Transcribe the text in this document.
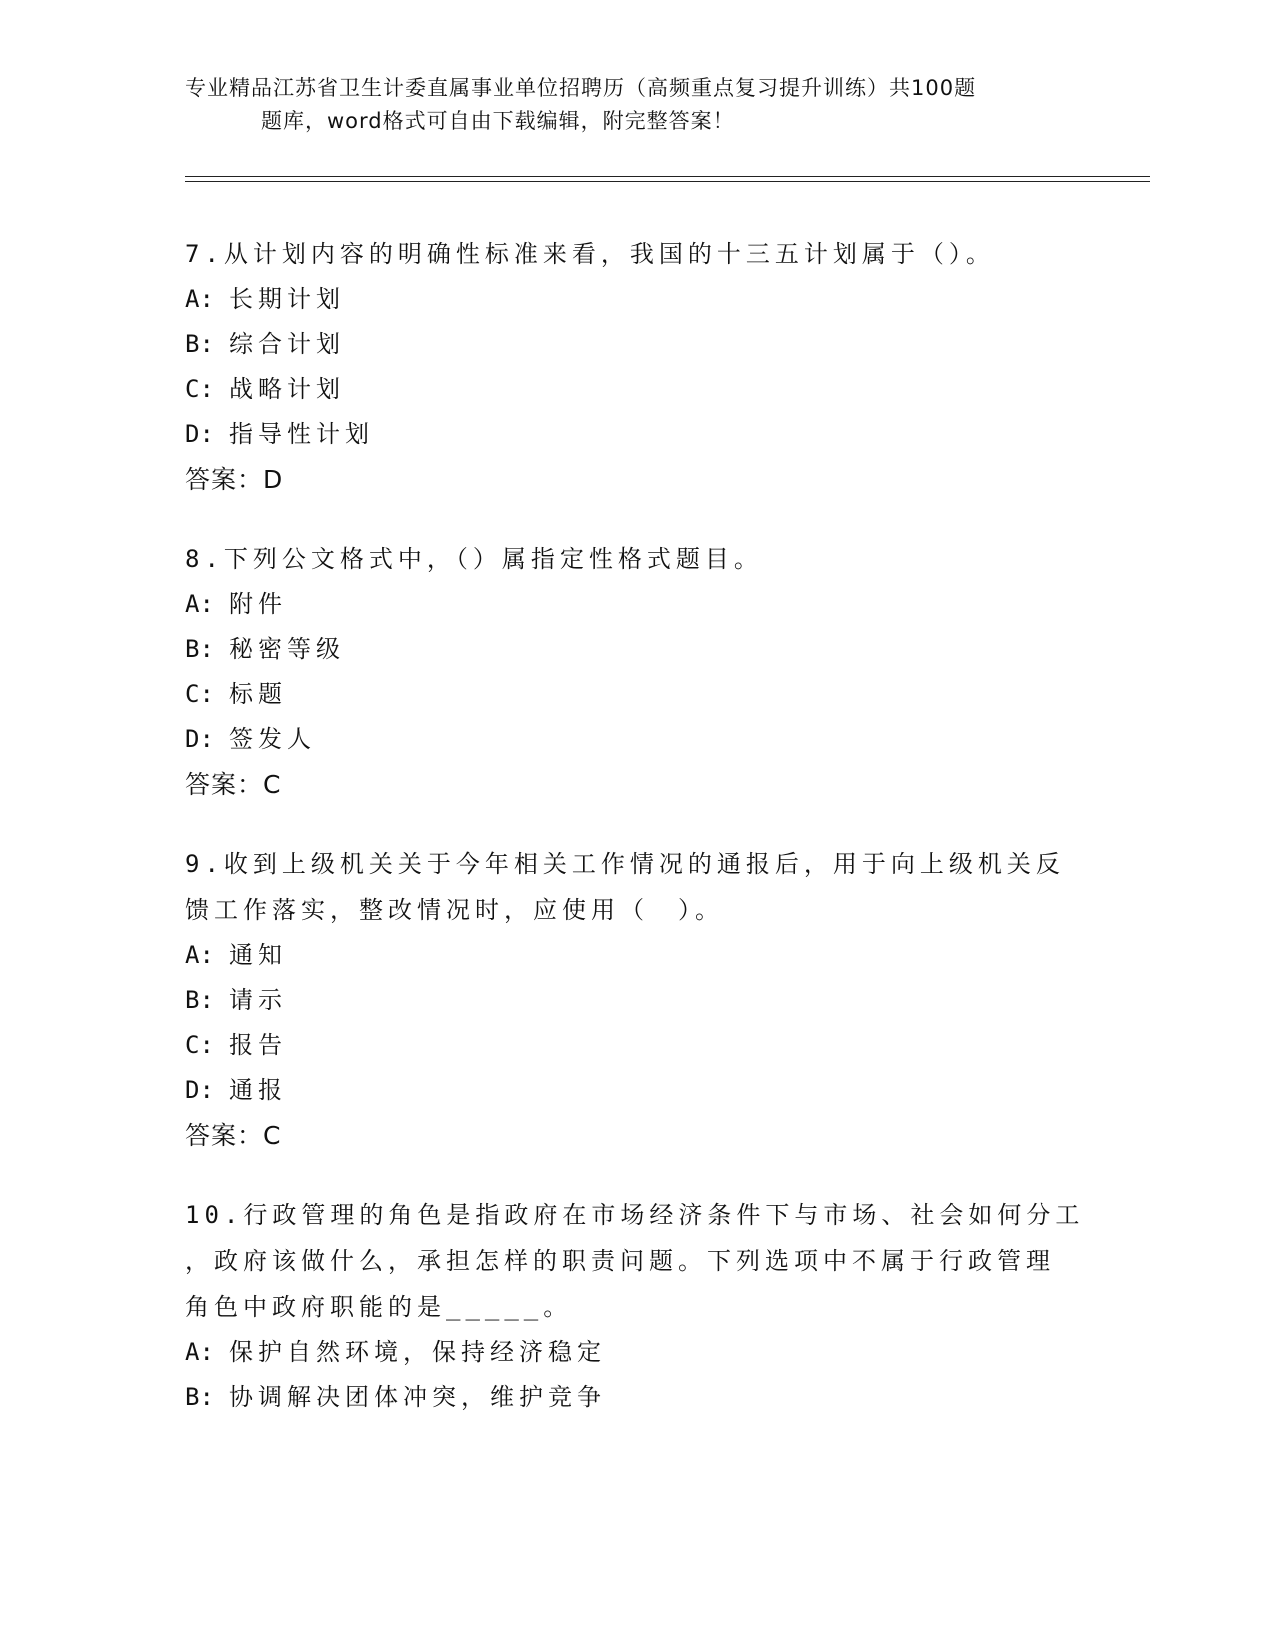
专业精品江苏省卫生计委直属事业单位招聘历（高频重点复习提升训练）共100题
题库，word格式可自由下载编辑，附完整答案！
7.从计划内容的明确性标准来看，我国的十三五计划属于（）。
A: 长期计划
B: 综合计划
C: 战略计划
D: 指导性计划
答案：D
8.下列公文格式中，（）属指定性格式题目。
A: 附件
B: 秘密等级
C: 标题
D: 签发人
答案：C
9.收到上级机关关于今年相关工作情况的通报后，用于向上级机关反
馈工作落实，整改情况时，应使用（　）。
A: 通知
B: 请示
C: 报告
D: 通报
答案：C
10.行政管理的角色是指政府在市场经济条件下与市场、社会如何分工
，政府该做什么，承担怎样的职责问题。下列选项中不属于行政管理
角色中政府职能的是_____。
A: 保护自然环境，保持经济稳定
B: 协调解决团体冲突，维护竞争
